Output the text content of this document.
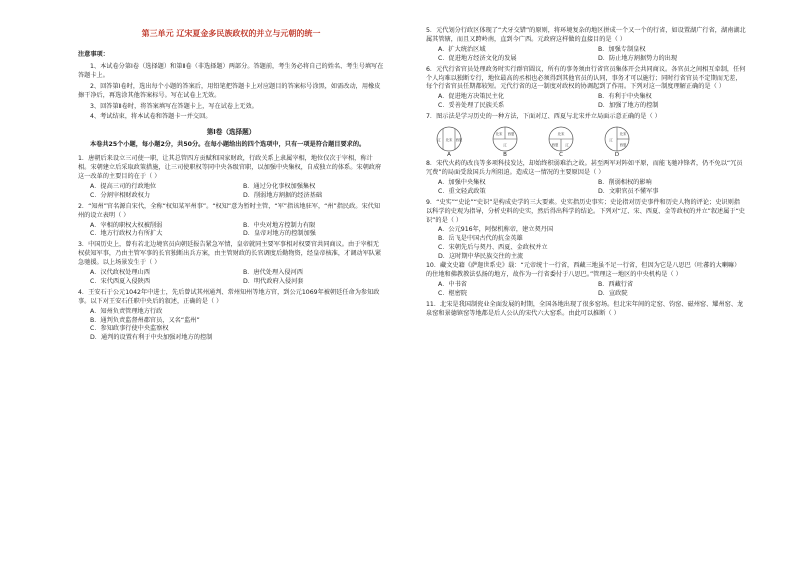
第三单元 辽宋夏金多民族政权的并立与元朝的统一
注意事项：
1、本试卷分第Ⅰ卷（选择题）和第Ⅱ卷（非选择题）两部分。答题前，考生务必将自己的姓名、考生号填写在答题卡上。
2、回答第Ⅰ卷时，选出每个小题的答案后，用铅笔把答题卡上对应题目的答案标号涂黑，如需改动，用橡皮擦干净后，再选涂其他答案标号。写在试卷上无效。
3、回答第Ⅱ卷时，将答案填写在答题卡上，写在试卷上无效。
4、考试结束，将本试卷和答题卡一并交回。
第Ⅰ卷（选择题）
本卷共25个小题，每小题2分，共50分。在每小题给出的四个选项中，只有一项是符合题目要求的。
1．唐朝后来设立三司使一职，让其总管四方贡赋和国家财政，行政关系上隶属宰相，地位仅次于宰相，称计相。宋朝建立后采取政策措施，让三司使职权等同中央各级官职，以加强中央集权，自成独立的体系。宋朝政府这一改革的主要目的在于（ ）
A．提高三司的行政地位	B．通过分化事权加强集权
C．分割宰相财政权力	D．削弱地方割据的经济基础
2．“知州”官名源自宋代，全称“权知某军州事”。“权知”意为暂时主管，“军”指该地驻军，“州”指民政。宋代知州的设立表明（ ）
A．宰相的职权大权被削弱	B．中央对地方控制力有限
C．地方行政权力有所扩大	D．皇帝对地方的控制加强
3．中国历史上，曾有若北边境官员向朝廷报告紧急军情，皇帝就同主要军事相对权要官共同商议。由于宰相无权获知军事，乃由主管军事的长官独断出兵方案，由主管财政的长官调度后勤物资，经皇帝核准，才调动军队紧急驰援。以上场景发生于（ ）
A．汉代政权处理山西	B．唐代处理入侵河西
C．宋代西夏入侵陕西	D．明代政府入侵河套
4．王安石于公元1042年中进士，先后曾试其州通判、常州知州等地方官，到公元1069年被朝廷任命为参知政事。以下对王安石任职中央后的叙述，正确的是（ ）
A．知州负责管理地方行政
B．通判负责监督州郡官员，又名“监州”
C．参知政事行使中央监察权
D．通判的设置有利于中央加强对地方的控制
5．元代划分行政区体现了“犬牙交错”的原则，将环境复杂的地区拼成一个又一个的行省，如设置湖广行省，湖南湖北属其管辖，而且又跨岭南，直到今广西。元政府这样做的直接目的是（ ）
A．扩大统治区域	B．加强专制皇权
C．促进地方经济文化的发展	D．防止地方割据势力的出现
6．元代行省官员处理政务时实行群官圆议，所有的事务须由行省官员集体开会共同商议。各官员之间相互牵制，任何个人均难以独断专行，地位最高的丞相也必须得到其他官员的认同，事务才可以施行；同时行省官员不定期而无差，每个行省官员任期都较短。元代行省的这一制度对政权的协调起到了作用。下列对这一制度理解正确的是（ ）
A．促进地方决策民主化	B．有利于中央集权
C．妥善处理了民族关系	D．加强了地方的控制
7．图示法是学习历史的一种方法，下面对辽、西夏与北宋并立局面示意正确的是（ ）
辽 北宋 西夏
A
北宋 西夏
辽
B
北宋
西夏 辽
C
辽
北宋
西夏
D
8．宋代火药的改良等多项科技发达，却始终积弱难治之故。甚至两军对阵如平原，而能飞驰冲锋者，仍不免以“冗员冗费”的局面受敌国兵力所阻迫。造成这一情况的主要原因是（ ）
A．加强中央集权	B．削弱相权的影响
C．重文轻武政策	D．文职官员不懂军事
9．“史实”“史论”“史识”是构成史学的三大要素。史实指历史事实；史论指对历史事件和历史人物的评论；史识则指以科学的史观为指导，分析史料的史实，然后得出科学的结论。下列对“辽、宋、西夏、金等政权的并立”叙述属于“史识”的是（ ）
A．公元916年，阿保机称帝，建立契丹国
B．岳飞是中国古代的抗金英雄
C．宋朝先后与契丹、西夏、金政权并立
D．这时期中华民族交往的主流
10．藏文史籍《萨迦世系史》载：“元帝统十一行省，西藏三地虽不足一行省，但因为它是八思巴（吐蕃的大喇嘛）的住地和佛教教法弘扬的地方，故作为一行省委付于八思巴。”管理这一地区的中央机构是（ ）
A．中书省	B．西藏行省
C．枢密院	D．宣政院
11．北宋是我国制瓷业全面发展的时期，全国各地出现了很多窑场。但北宋年间的定窑、钧窑、磁州窑、耀州窑、龙泉窑和景德镇窑等地都是后人公认的宋代六大窑系。由此可以推断（ ）
